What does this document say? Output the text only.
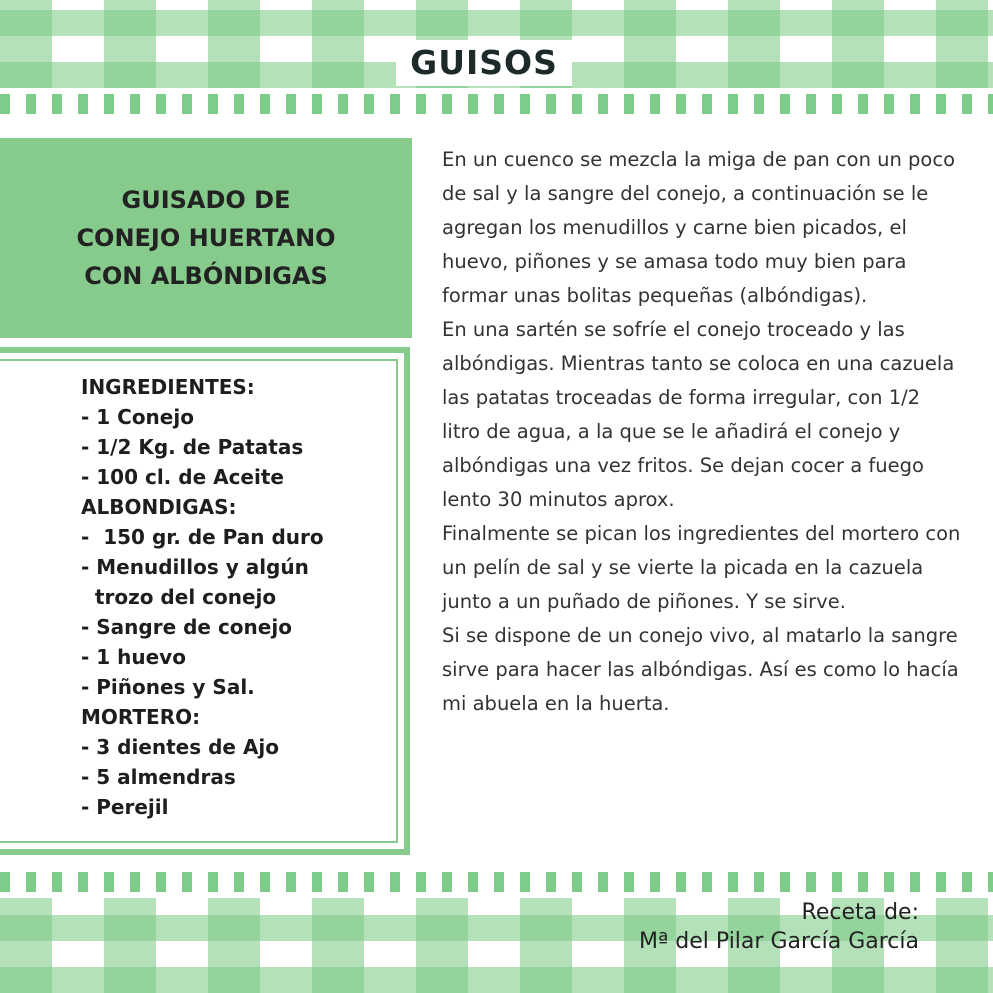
GUISOS
GUISADO DE
CONEJO HUERTANO
CON ALBÓNDIGAS
INGREDIENTES:
- 1 Conejo
- 1/2 Kg. de Patatas
- 100 cl. de Aceite
ALBONDIGAS:
-  150 gr. de Pan duro
- Menudillos y algún
trozo del conejo
- Sangre de conejo
- 1 huevo
- Piñones y Sal.
MORTERO:
- 3 dientes de Ajo
- 5 almendras
- Perejil

En un cuenco se mezcla la miga de pan con un poco de sal y la sangre del conejo, a continuación se le agregan los menudillos y carne bien picados, el huevo, piñones y se amasa todo muy bien para formar unas bolitas pequeñas (albóndigas).

En una sartén se sofríe el conejo troceado y las albóndigas. Mientras tanto se coloca en una cazuela las patatas troceadas de forma irregular, con 1/2 litro de agua, a la que se le añadirá el conejo y albóndigas una vez fritos. Se dejan cocer a fuego lento 30 minutos aprox.

Finalmente se pican los ingredientes del mortero con un pelín de sal y se vierte la picada en la cazuela junto a un puñado de piñones. Y se sirve.

Si se dispone de un conejo vivo, al matarlo la sangre sirve para hacer las albóndigas. Así es como lo hacía mi abuela en la huerta.

Receta de:
Mª del Pilar García García
